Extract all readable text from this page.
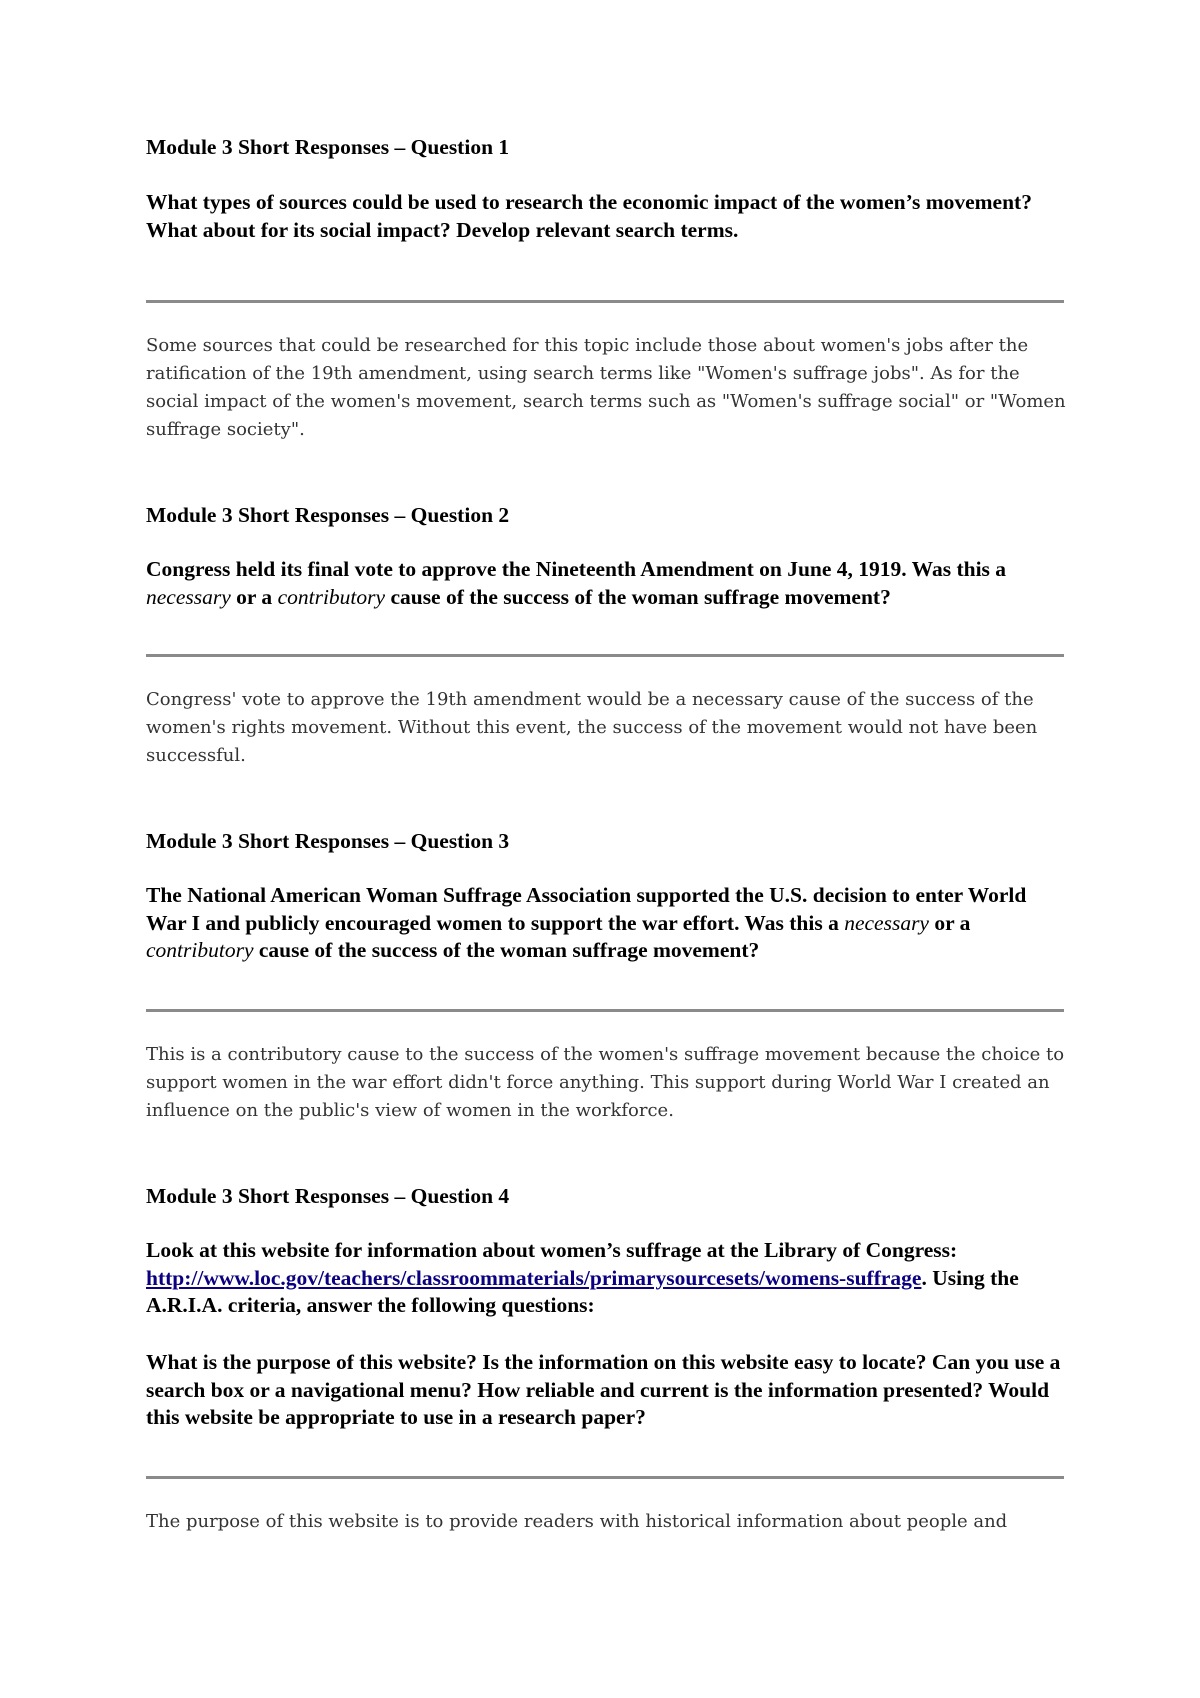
Module 3 Short Responses – Question 1

What types of sources could be used to research the economic impact of the women’s movement? What about for its social impact? Develop relevant search terms.

Some sources that could be researched for this topic include those about women's jobs after the ratification of the 19th amendment, using search terms like "Women's suffrage jobs". As for the social impact of the women's movement, search terms such as "Women's suffrage social" or "Women suffrage society".

Module 3 Short Responses – Question 2

Congress held its final vote to approve the Nineteenth Amendment on June 4, 1919. Was this a necessary or a contributory cause of the success of the woman suffrage movement?

Congress' vote to approve the 19th amendment would be a necessary cause of the success of the women's rights movement. Without this event, the success of the movement would not have been successful.

Module 3 Short Responses – Question 3

The National American Woman Suffrage Association supported the U.S. decision to enter World War I and publicly encouraged women to support the war effort. Was this a necessary or a contributory cause of the success of the woman suffrage movement?

This is a contributory cause to the success of the women's suffrage movement because the choice to support women in the war effort didn't force anything. This support during World War I created an influence on the public's view of women in the workforce.

Module 3 Short Responses – Question 4

Look at this website for information about women’s suffrage at the Library of Congress: http://www.loc.gov/teachers/classroommaterials/primarysourcesets/womens-suffrage. Using the A.R.I.A. criteria, answer the following questions:

What is the purpose of this website? Is the information on this website easy to locate? Can you use a search box or a navigational menu? How reliable and current is the information presented? Would this website be appropriate to use in a research paper?

The purpose of this website is to provide readers with historical information about people and
